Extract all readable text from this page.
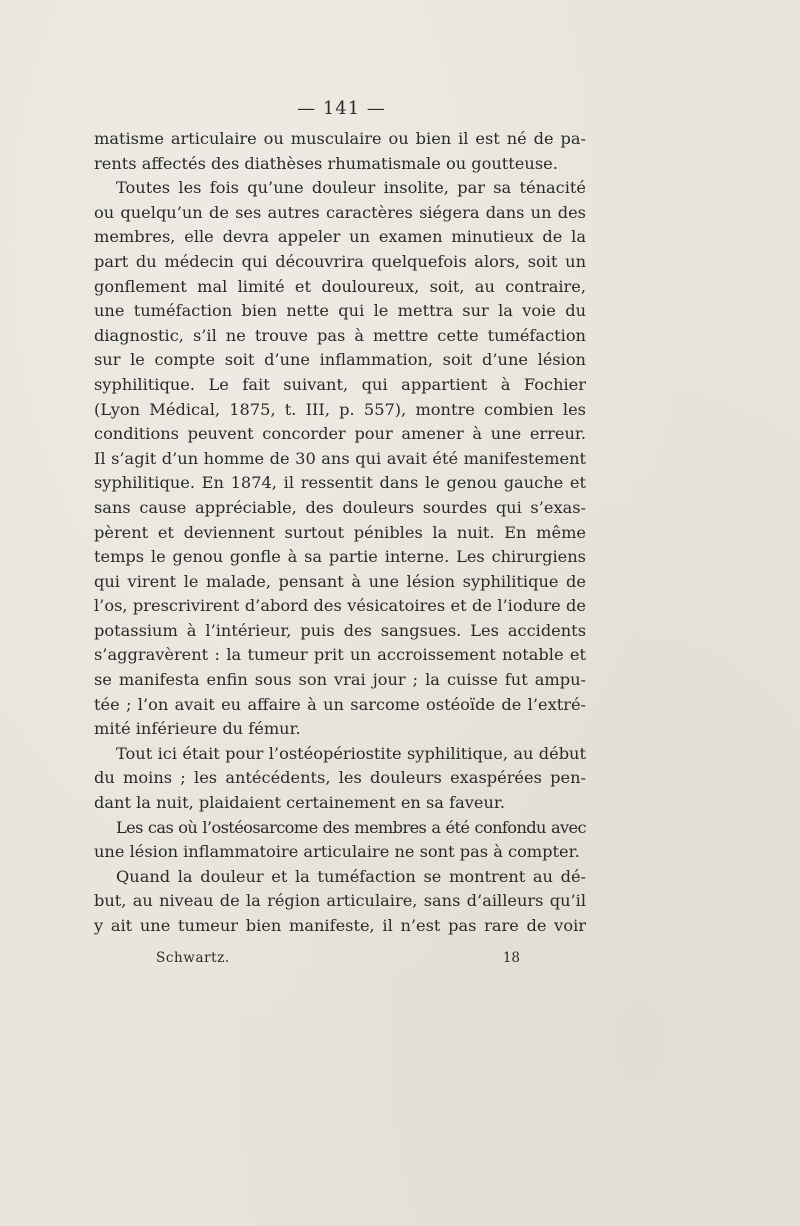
— 141 —
matisme articulaire ou musculaire ou bien il est né de pa-
rents affectés des diathèses rhumatismale ou goutteuse.
Toutes les fois qu’une douleur insolite, par sa ténacité
ou quelqu’un de ses autres caractères siégera dans un des
membres, elle devra appeler un examen minutieux de la
part du médecin qui découvrira quelquefois alors, soit un
gonflement mal limité et douloureux, soit, au contraire,
une tuméfaction bien nette qui le mettra sur la voie du
diagnostic, s’il ne trouve pas à mettre cette tuméfaction
sur le compte soit d’une inflammation, soit d’une lésion
syphilitique. Le fait suivant, qui appartient à Fochier
(Lyon Médical, 1875, t. III, p. 557), montre combien les
conditions peuvent concorder pour amener à une erreur.
Il s’agit d’un homme de 30 ans qui avait été manifestement
syphilitique. En 1874, il ressentit dans le genou gauche et
sans cause appréciable, des douleurs sourdes qui s’exas-
pèrent et deviennent surtout pénibles la nuit. En même
temps le genou gonfle à sa partie interne. Les chirurgiens
qui virent le malade, pensant à une lésion syphilitique de
l’os, prescrivirent d’abord des vésicatoires et de l’iodure de
potassium à l’intérieur, puis des sangsues. Les accidents
s’aggravèrent : la tumeur prit un accroissement notable et
se manifesta enfin sous son vrai jour ; la cuisse fut ampu-
tée ; l’on avait eu affaire à un sarcome ostéoïde de l’extré-
mité inférieure du fémur.
Tout ici était pour l’ostéopériostite syphilitique, au début
du moins ; les antécédents, les douleurs exaspérées pen-
dant la nuit, plaidaient certainement en sa faveur.
Les cas où l’ostéosarcome des membres a été confondu avec
une lésion inflammatoire articulaire ne sont pas à compter.
Quand la douleur et la tuméfaction se montrent au dé-
but, au niveau de la région articulaire, sans d’ailleurs qu’il
y ait une tumeur bien manifeste, il n’est pas rare de voir
Schwartz.	18
